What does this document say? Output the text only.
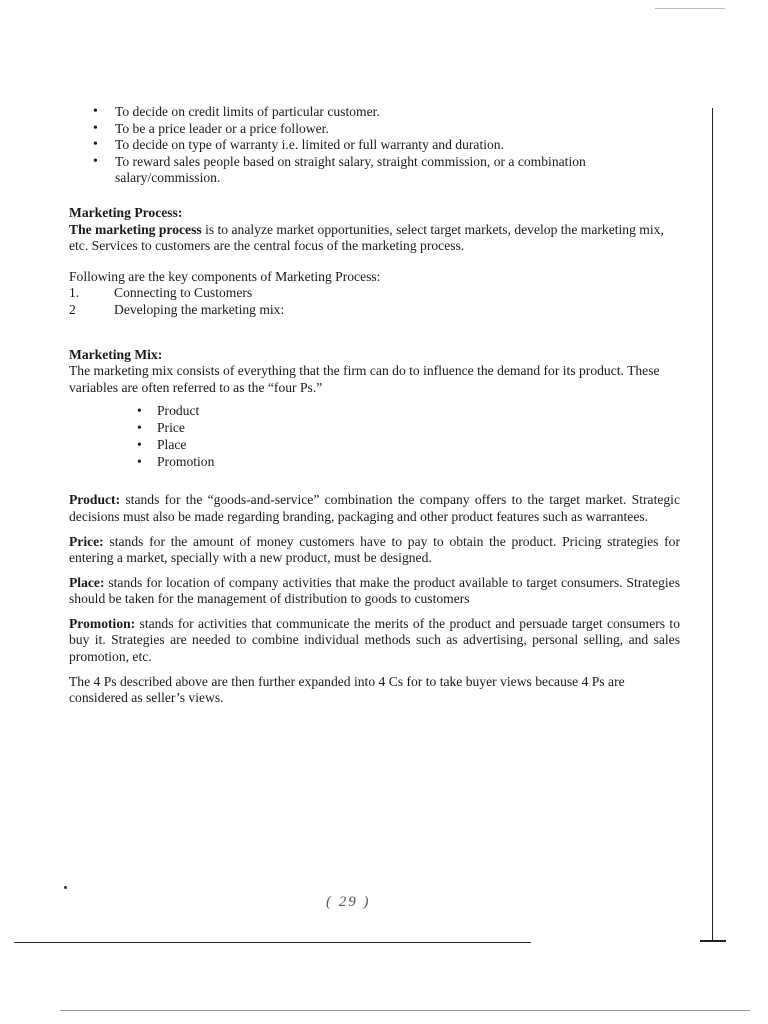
• To decide on credit limits of particular customer.
• To be a price leader or a price follower.
• To decide on type of warranty i.e. limited or full warranty and duration.
• To reward sales people based on straight salary, straight commission, or a combination salary/commission.

Marketing Process:

The marketing process is to analyze market opportunities, select target markets, develop the marketing mix, etc. Services to customers are the central focus of the marketing process.

Following are the key components of Marketing Process:

1.	Connecting to Customers
2	Developing the marketing mix:

Marketing Mix:

The marketing mix consists of everything that the firm can do to influence the demand for its product. These variables are often referred to as the “four Ps.”

• Product
• Price
• Place
• Promotion

Product: stands for the “goods-and-service” combination the company offers to the target market. Strategic decisions must also be made regarding branding, packaging and other product features such as warrantees.

Price: stands for the amount of money customers have to pay to obtain the product. Pricing strategies for entering a market, specially with a new product, must be designed.

Place: stands for location of company activities that make the product available to target consumers. Strategies should be taken for the management of distribution to goods to customers

Promotion: stands for activities that communicate the merits of the product and persuade target consumers to buy it. Strategies are needed to combine individual methods such as advertising, personal selling, and sales promotion, etc.

The 4 Ps described above are then further expanded into 4 Cs for to take buyer views because 4 Ps are considered as seller’s views.

( 29 )
